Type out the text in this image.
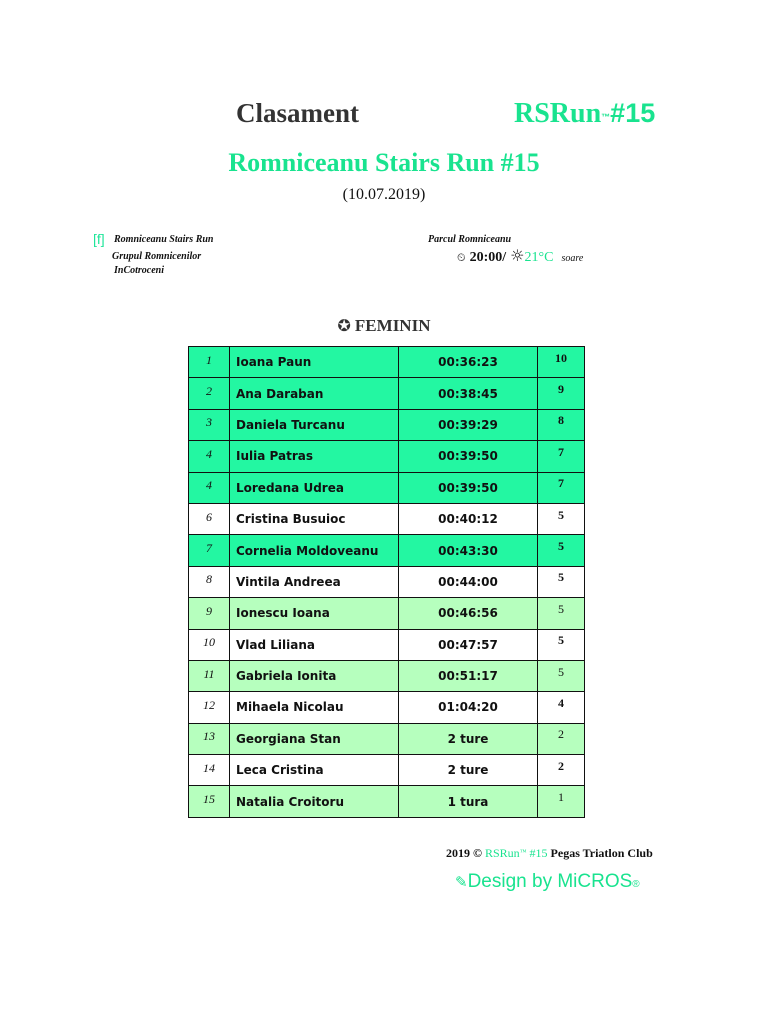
Clasament	RSRun™#15
Romniceanu Stairs Run #15
(10.07.2019)
[f] Romniceanu Stairs Run
Grupul Romnicenilor
InCotroceni
Parcul Romniceanu
⏲ 20:00/ ☼21°C soare
✪ FEMININ
1	Ioana Paun	00:36:23	10
2	Ana Daraban	00:38:45	9
3	Daniela Turcanu	00:39:29	8
4	Iulia Patras	00:39:50	7
4	Loredana Udrea	00:39:50	7
6	Cristina Busuioc	00:40:12	5
7	Cornelia Moldoveanu	00:43:30	5
8	Vintila Andreea	00:44:00	5
9	Ionescu Ioana	00:46:56	5
10	Vlad Liliana	00:47:57	5
11	Gabriela Ionita	00:51:17	5
12	Mihaela Nicolau	01:04:20	4
13	Georgiana Stan	2 ture	2
14	Leca Cristina	2 ture	2
15	Natalia Croitoru	1 tura	1
2019 © RSRun™ #15 Pegas Triatlon Club
✎Design by MiCROS®
